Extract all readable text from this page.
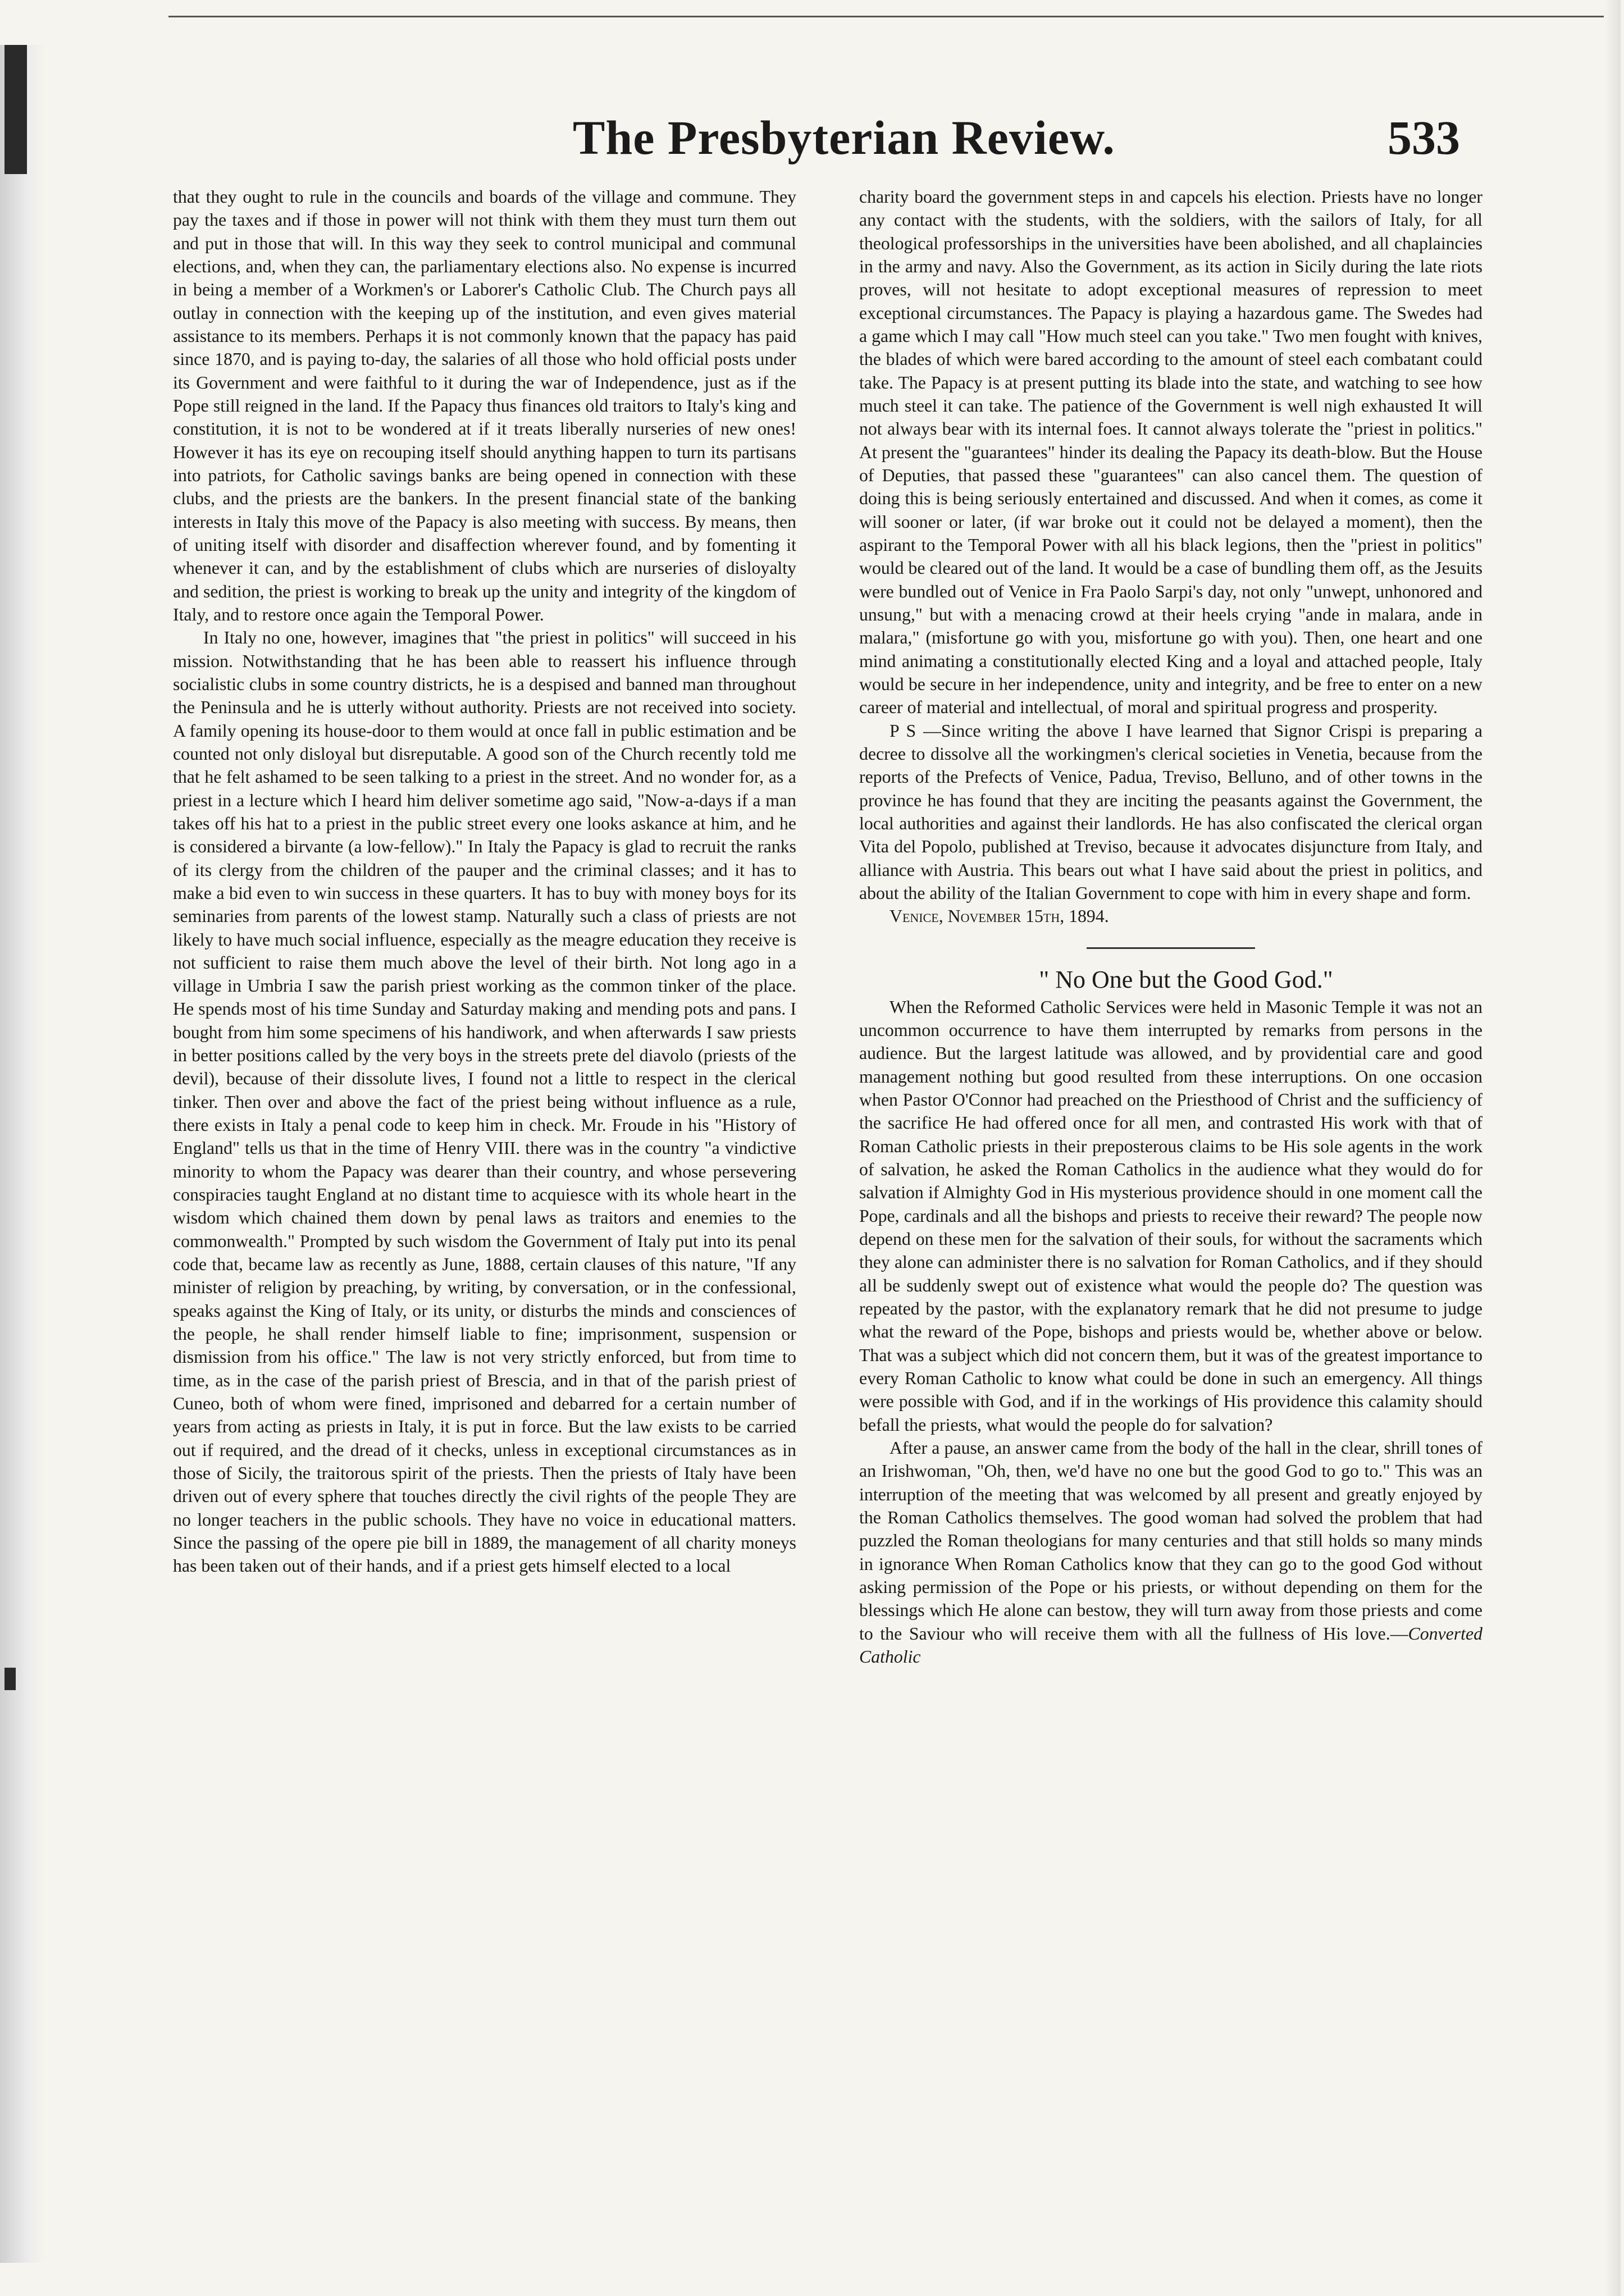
The Presbyterian Review.	533

that they ought to rule in the councils and boards of the village and commune. They pay the taxes and if those in power will not think with them they must turn them out and put in those that will. In this way they seek to control municipal and communal elections, and, when they can, the parliamentary elections also. No expense is incurred in being a member of a Workmen's or Laborer's Catholic Club. The Church pays all outlay in connection with the keeping up of the institution, and even gives material assistance to its members. Perhaps it is not commonly known that the papacy has paid since 1870, and is paying to-day, the salaries of all those who hold official posts under its Government and were faithful to it during the war of Independence, just as if the Pope still reigned in the land. If the Papacy thus finances old traitors to Italy's king and constitution, it is not to be wondered at if it treats liberally nurseries of new ones! However it has its eye on recouping itself should anything happen to turn its partisans into patriots, for Catholic savings banks are being opened in connection with these clubs, and the priests are the bankers. In the present financial state of the banking interests in Italy this move of the Papacy is also meeting with success. By means, then of uniting itself with disorder and disaffection wherever found, and by fomenting it whenever it can, and by the establishment of clubs which are nurseries of disloyalty and sedition, the priest is working to break up the unity and integrity of the kingdom of Italy, and to restore once again the Temporal Power.

In Italy no one, however, imagines that "the priest in politics" will succeed in his mission. Notwithstanding that he has been able to reassert his influence through socialistic clubs in some country districts, he is a despised and banned man throughout the Peninsula and he is utterly without authority. Priests are not received into society. A family opening its house-door to them would at once fall in public estimation and be counted not only disloyal but disreputable. A good son of the Church recently told me that he felt ashamed to be seen talking to a priest in the street. And no wonder for, as a priest in a lecture which I heard him deliver sometime ago said, "Now-a-days if a man takes off his hat to a priest in the public street every one looks askance at him, and he is considered a birvante (a low-fellow)." In Italy the Papacy is glad to recruit the ranks of its clergy from the children of the pauper and the criminal classes; and it has to make a bid even to win success in these quarters. It has to buy with money boys for its seminaries from parents of the lowest stamp. Naturally such a class of priests are not likely to have much social influence, especially as the meagre education they receive is not sufficient to raise them much above the level of their birth. Not long ago in a village in Umbria I saw the parish priest working as the common tinker of the place. He spends most of his time Sunday and Saturday making and mending pots and pans. I bought from him some specimens of his handiwork, and when afterwards I saw priests in better positions called by the very boys in the streets prete del diavolo (priests of the devil), because of their dissolute lives, I found not a little to respect in the clerical tinker. Then over and above the fact of the priest being without influence as a rule, there exists in Italy a penal code to keep him in check. Mr. Froude in his "History of England" tells us that in the time of Henry VIII. there was in the country "a vindictive minority to whom the Papacy was dearer than their country, and whose persevering conspiracies taught England at no distant time to acquiesce with its whole heart in the wisdom which chained them down by penal laws as traitors and enemies to the commonwealth." Prompted by such wisdom the Government of Italy put into its penal code that, became law as recently as June, 1888, certain clauses of this nature, "If any minister of religion by preaching, by writing, by conversation, or in the confessional, speaks against the King of Italy, or its unity, or disturbs the minds and consciences of the people, he shall render himself liable to fine; imprisonment, suspension or dismission from his office." The law is not very strictly enforced, but from time to time, as in the case of the parish priest of Brescia, and in that of the parish priest of Cuneo, both of whom were fined, imprisoned and debarred for a certain number of years from acting as priests in Italy, it is put in force. But the law exists to be carried out if required, and the dread of it checks, unless in exceptional circumstances as in those of Sicily, the traitorous spirit of the priests. Then the priests of Italy have been driven out of every sphere that touches directly the civil rights of the people They are no longer teachers in the public schools. They have no voice in educational matters. Since the passing of the opere pie bill in 1889, the management of all charity moneys has been taken out of their hands, and if a priest gets himself elected to a local

charity board the government steps in and capcels his election. Priests have no longer any contact with the students, with the soldiers, with the sailors of Italy, for all theological professorships in the universities have been abolished, and all chaplaincies in the army and navy. Also the Government, as its action in Sicily during the late riots proves, will not hesitate to adopt exceptional measures of repression to meet exceptional circumstances. The Papacy is playing a hazardous game. The Swedes had a game which I may call "How much steel can you take." Two men fought with knives, the blades of which were bared according to the amount of steel each combatant could take. The Papacy is at present putting its blade into the state, and watching to see how much steel it can take. The patience of the Government is well nigh exhausted It will not always bear with its internal foes. It cannot always tolerate the "priest in politics." At present the "guarantees" hinder its dealing the Papacy its death-blow. But the House of Deputies, that passed these "guarantees" can also cancel them. The question of doing this is being seriously entertained and discussed. And when it comes, as come it will sooner or later, (if war broke out it could not be delayed a moment), then the aspirant to the Temporal Power with all his black legions, then the "priest in politics" would be cleared out of the land. It would be a case of bundling them off, as the Jesuits were bundled out of Venice in Fra Paolo Sarpi's day, not only "unwept, unhonored and unsung," but with a menacing crowd at their heels crying "ande in malara, ande in malara," (misfortune go with you, misfortune go with you). Then, one heart and one mind animating a constitutionally elected King and a loyal and attached people, Italy would be secure in her independence, unity and integrity, and be free to enter on a new career of material and intellectual, of moral and spiritual progress and prosperity.

P S —Since writing the above I have learned that Signor Crispi is preparing a decree to dissolve all the workingmen's clerical societies in Venetia, because from the reports of the Prefects of Venice, Padua, Treviso, Belluno, and of other towns in the province he has found that they are inciting the peasants against the Government, the local authorities and against their landlords. He has also confiscated the clerical organ Vita del Popolo, published at Treviso, because it advocates disjuncture from Italy, and alliance with Austria. This bears out what I have said about the priest in politics, and about the ability of the Italian Government to cope with him in every shape and form.

Venice, November 15th, 1894.

" No One but the Good God."

When the Reformed Catholic Services were held in Masonic Temple it was not an uncommon occurrence to have them interrupted by remarks from persons in the audience. But the largest latitude was allowed, and by providential care and good management nothing but good resulted from these interruptions. On one occasion when Pastor O'Connor had preached on the Priesthood of Christ and the sufficiency of the sacrifice He had offered once for all men, and contrasted His work with that of Roman Catholic priests in their preposterous claims to be His sole agents in the work of salvation, he asked the Roman Catholics in the audience what they would do for salvation if Almighty God in His mysterious providence should in one moment call the Pope, cardinals and all the bishops and priests to receive their reward? The people now depend on these men for the salvation of their souls, for without the sacraments which they alone can administer there is no salvation for Roman Catholics, and if they should all be suddenly swept out of existence what would the people do? The question was repeated by the pastor, with the explanatory remark that he did not presume to judge what the reward of the Pope, bishops and priests would be, whether above or below. That was a subject which did not concern them, but it was of the greatest importance to every Roman Catholic to know what could be done in such an emergency. All things were possible with God, and if in the workings of His providence this calamity should befall the priests, what would the people do for salvation?

After a pause, an answer came from the body of the hall in the clear, shrill tones of an Irishwoman, "Oh, then, we'd have no one but the good God to go to." This was an interruption of the meeting that was welcomed by all present and greatly enjoyed by the Roman Catholics themselves. The good woman had solved the problem that had puzzled the Roman theologians for many centuries and that still holds so many minds in ignorance When Roman Catholics know that they can go to the good God without asking permission of the Pope or his priests, or without depending on them for the blessings which He alone can bestow, they will turn away from those priests and come to the Saviour who will receive them with all the fullness of His love.—Converted Catholic
